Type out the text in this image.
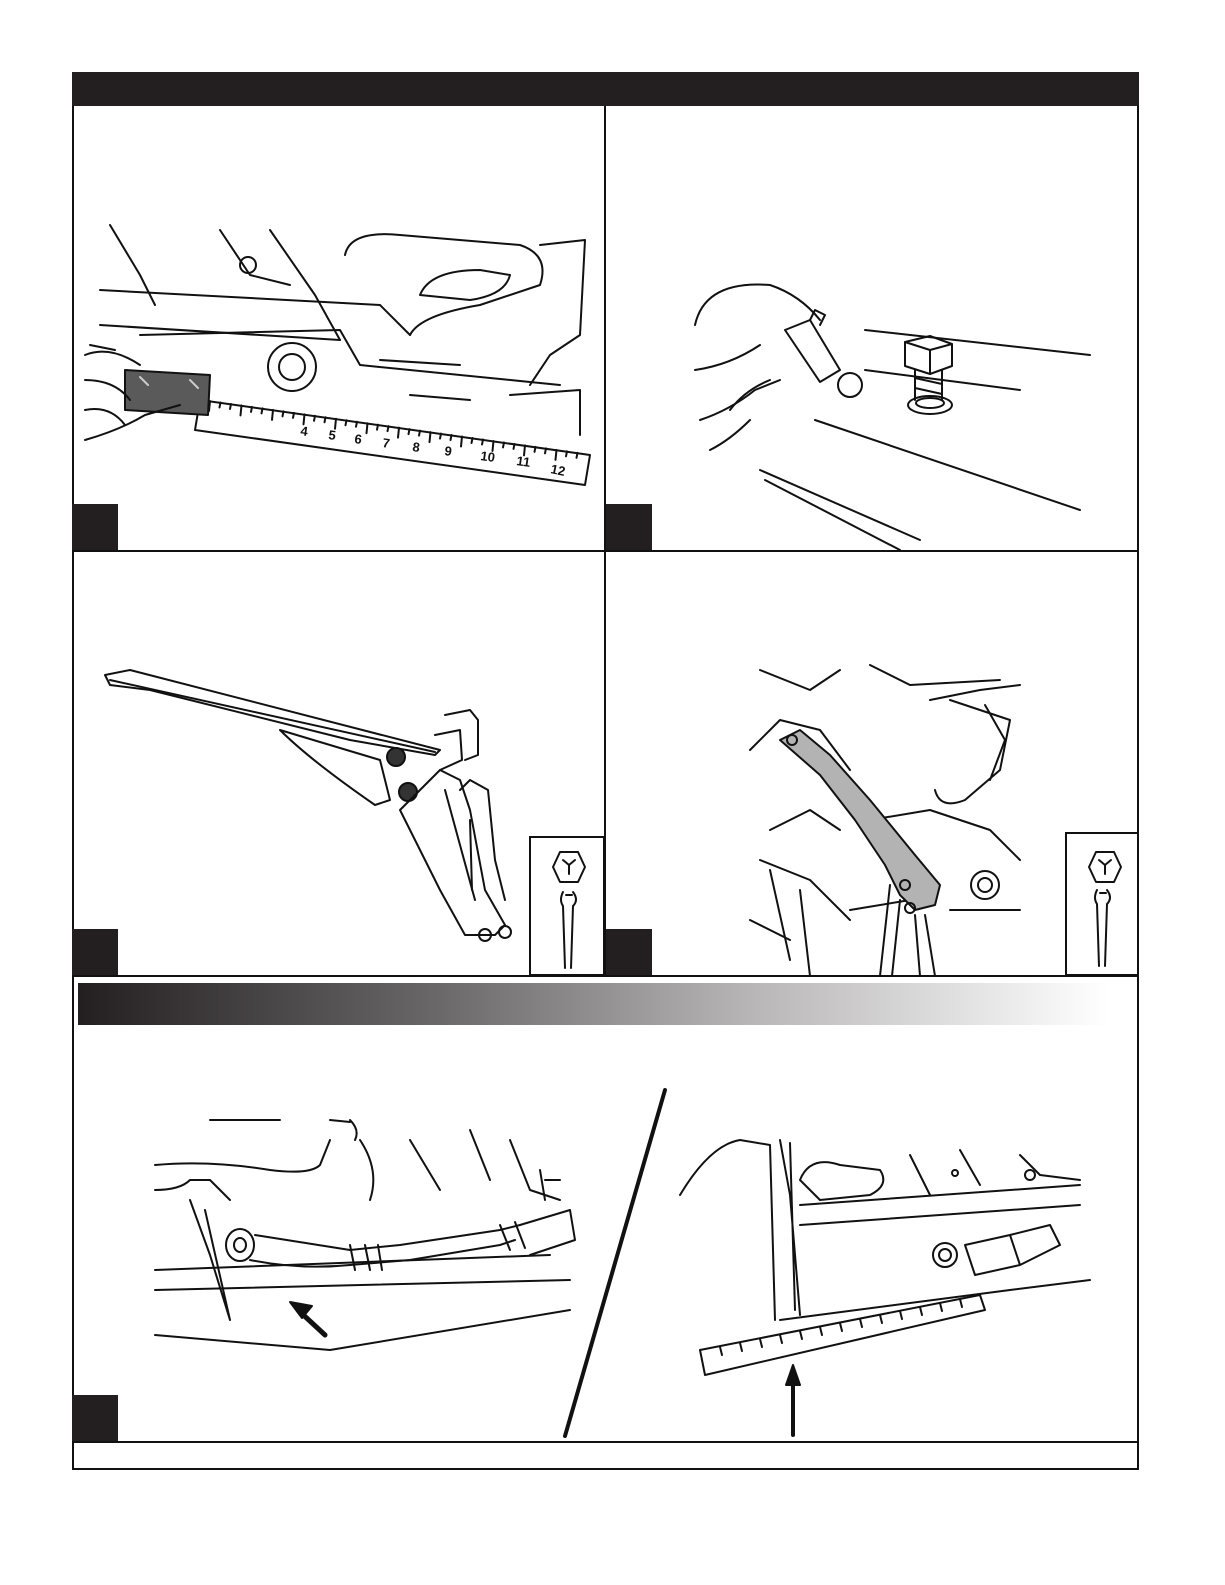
4 5 6 7 8 9 10 11 12
